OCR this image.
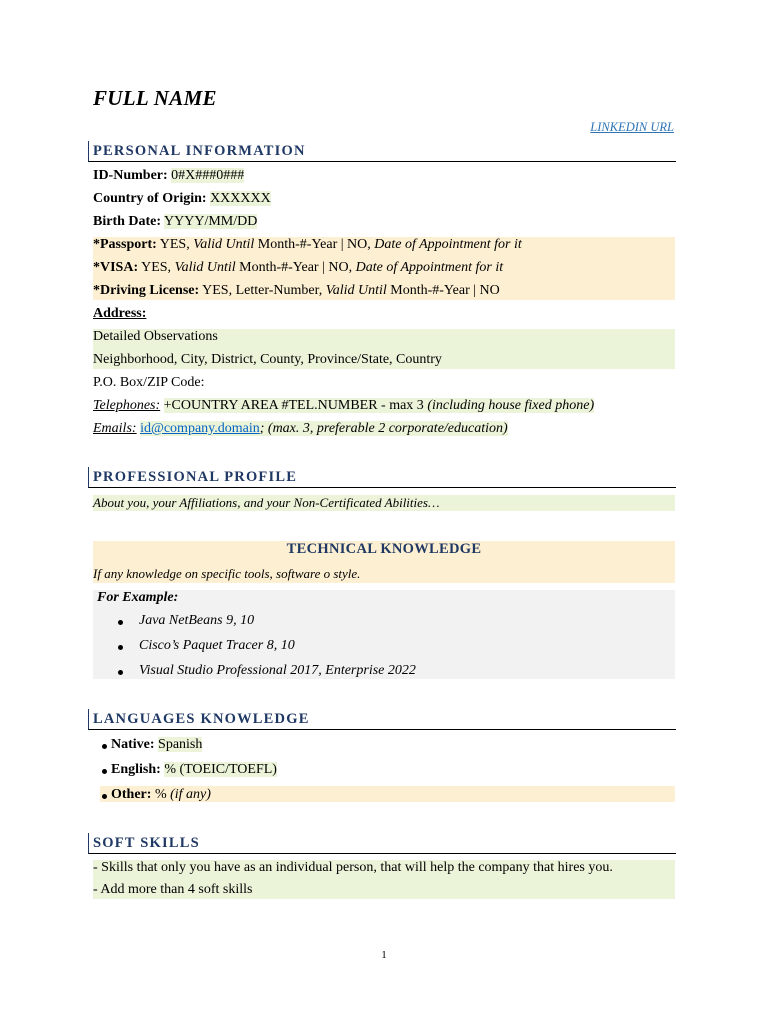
FULL NAME
LINKEDIN URL
PERSONAL INFORMATION
ID-Number: 0#X###0###
Country of Origin: XXXXXX
Birth Date: YYYY/MM/DD
*Passport: YES, Valid Until Month-#-Year | NO, Date of Appointment for it
*VISA: YES, Valid Until Month-#-Year | NO, Date of Appointment for it
*Driving License: YES, Letter-Number, Valid Until Month-#-Year | NO
Address:
Detailed Observations
Neighborhood, City, District, County, Province/State, Country
P.O. Box/ZIP Code:
Telephones: +COUNTRY AREA #TEL.NUMBER - max 3 (including house fixed phone)
Emails: id@company.domain; (max. 3, preferable 2 corporate/education)
PROFESSIONAL PROFILE
About you, your Affiliations, and your Non-Certificated Abilities…
TECHNICAL KNOWLEDGE
If any knowledge on specific tools, software o style.
For Example:
Java NetBeans 9, 10
Cisco’s Paquet Tracer 8, 10
Visual Studio Professional 2017, Enterprise 2022
LANGUAGES KNOWLEDGE
Native: Spanish
English: % (TOEIC/TOEFL)
Other: % (if any)
SOFT SKILLS
- Skills that only you have as an individual person, that will help the company that hires you.
- Add more than 4 soft skills
1
